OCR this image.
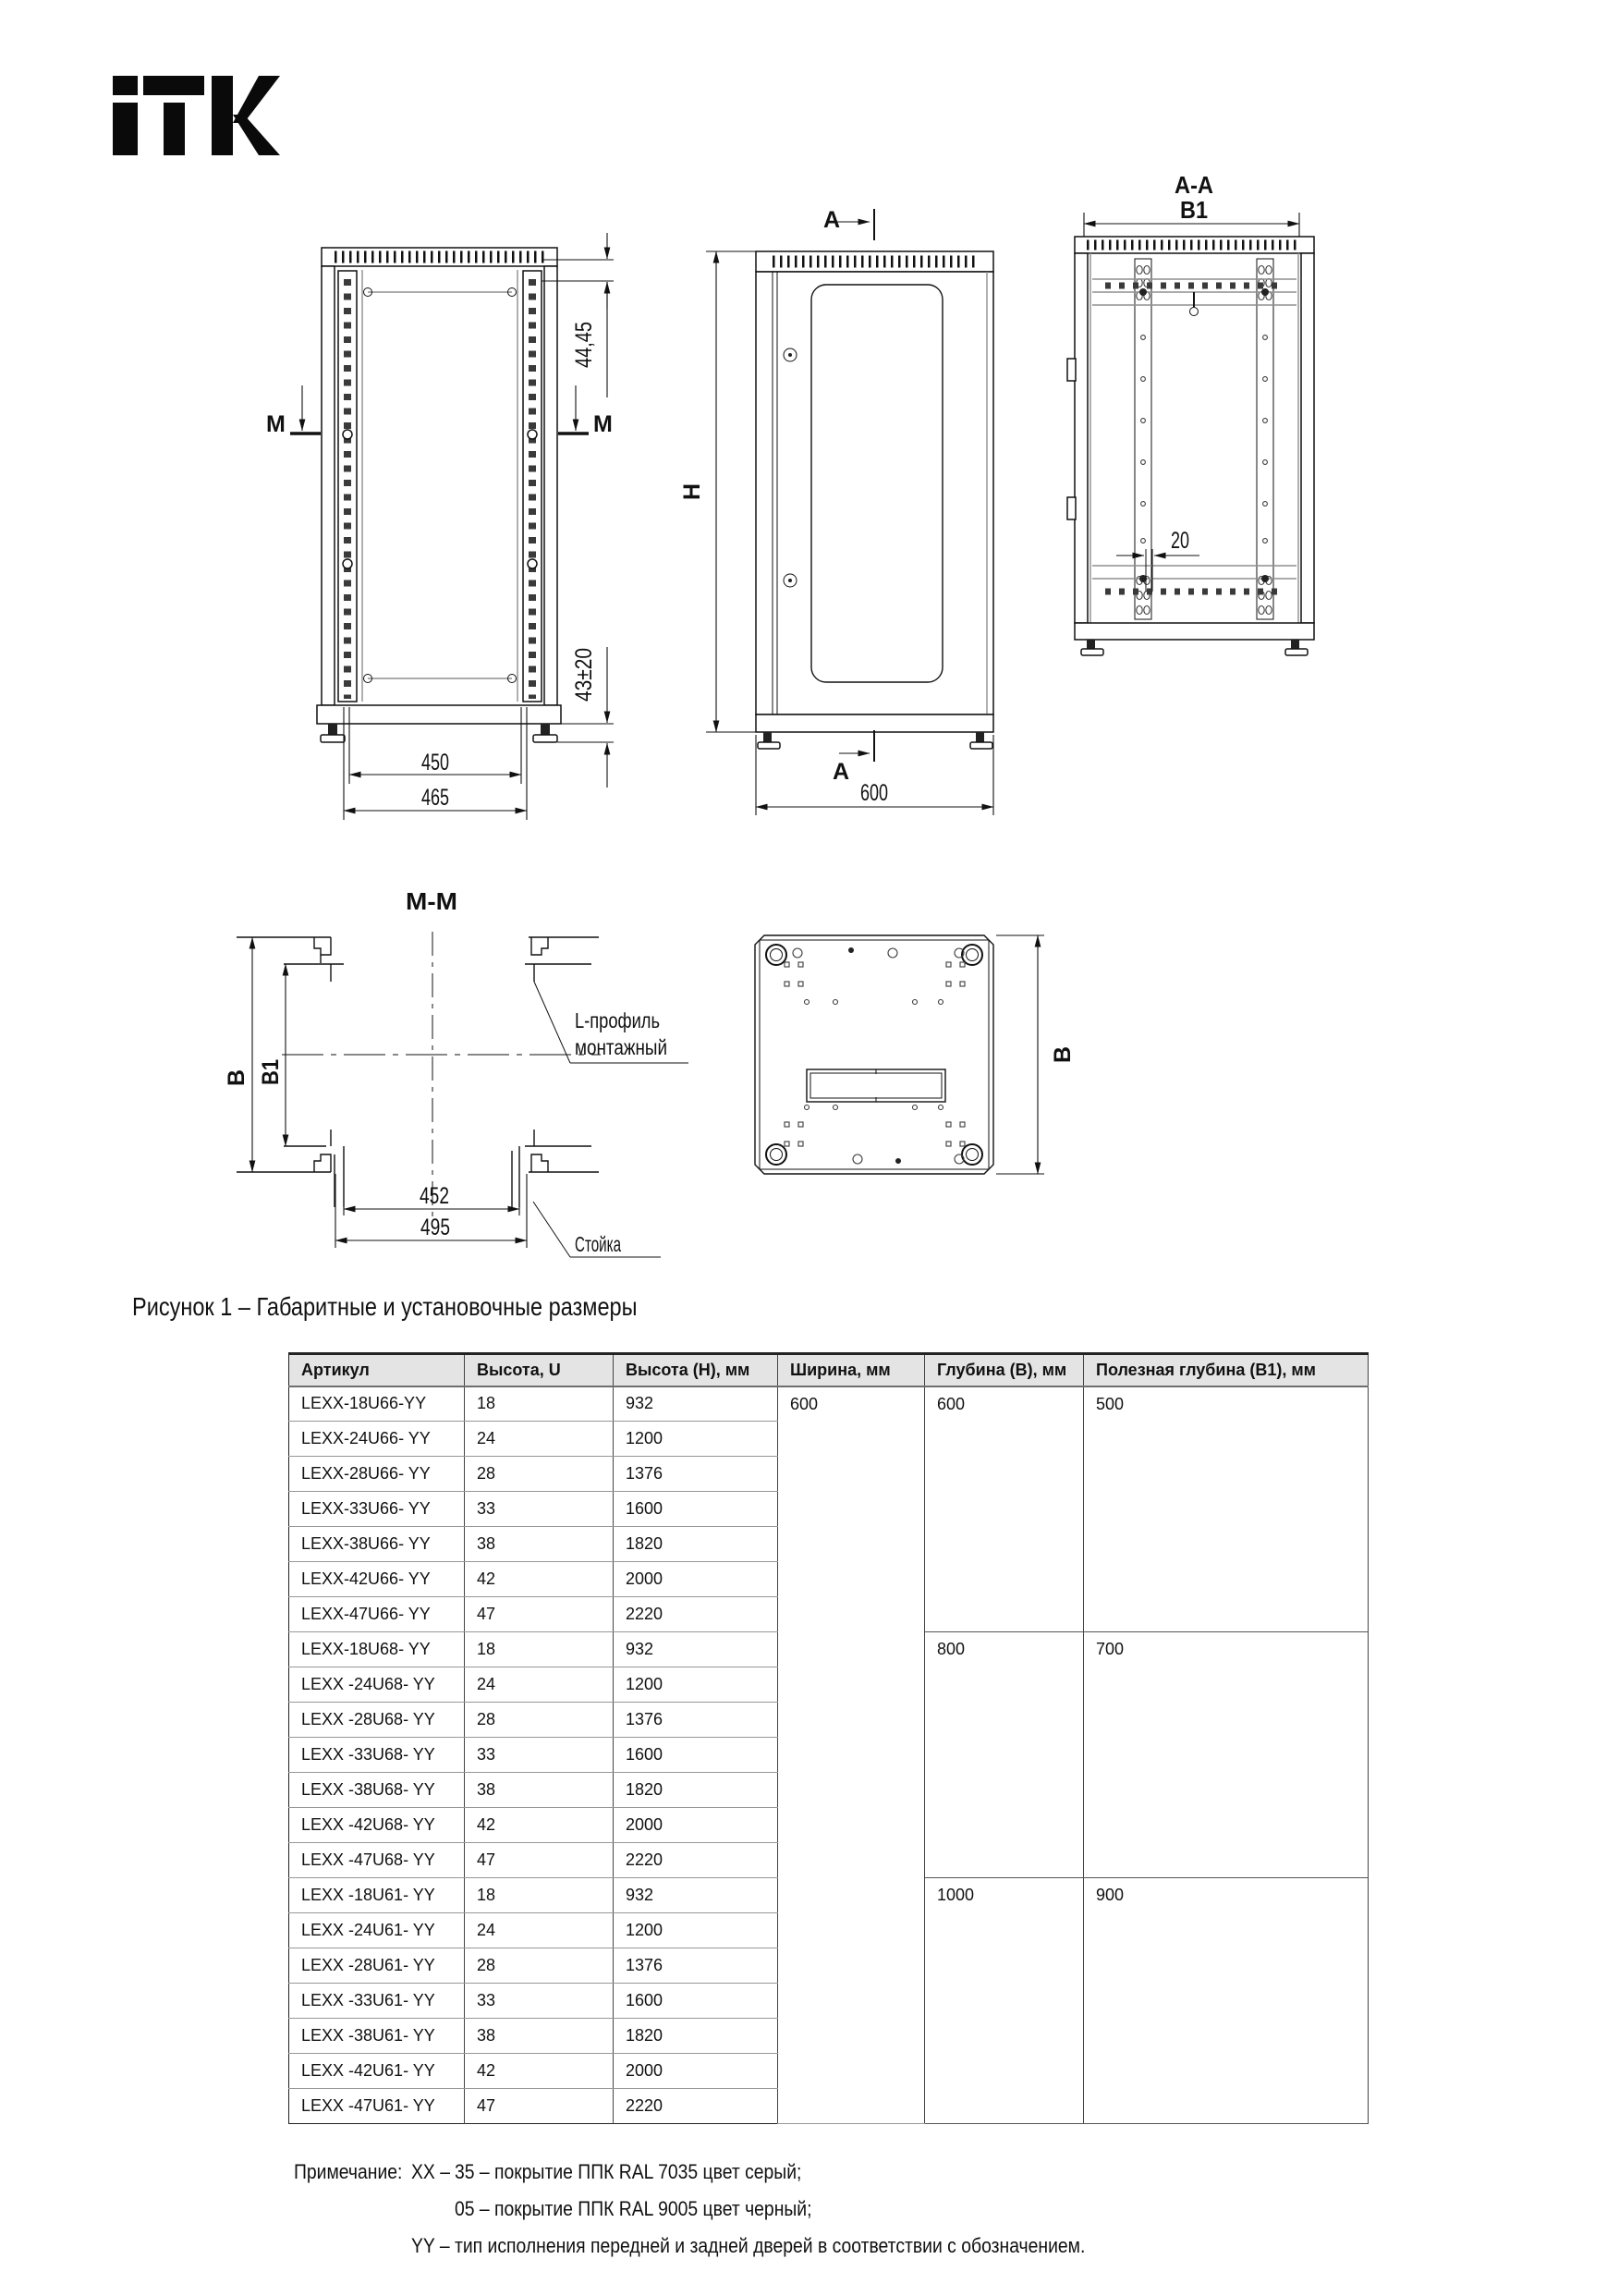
M	M
44,45
43±20
450
465
A
A
H
600
A-A
B1
20
M-M
B B1
452
495
L-профиль
монтажный
Стойка
B
Рисунок 1 – Габаритные и установочные размеры
Артикул	Высота, U	Высота (H), мм	Ширина, мм	Глубина (B), мм	Полезная глубина (B1), мм
LEXX-18U66-YY	18	932	600	600	500
LEXX-24U66- YY	24	1200			
LEXX-28U66- YY	28	1376			
LEXX-33U66- YY	33	1600			
LEXX-38U66- YY	38	1820			
LEXX-42U66- YY	42	2000			
LEXX-47U66- YY	47	2220			
LEXX-18U68- YY	18	932		800	700
LEXX -24U68- YY	24	1200			
LEXX -28U68- YY	28	1376			
LEXX -33U68- YY	33	1600			
LEXX -38U68- YY	38	1820			
LEXX -42U68- YY	42	2000			
LEXX -47U68- YY	47	2220			
LEXX -18U61- YY	18	932		1000	900
LEXX -24U61- YY	24	1200			
LEXX -28U61- YY	28	1376			
LEXX -33U61- YY	33	1600			
LEXX -38U61- YY	38	1820			
LEXX -42U61- YY	42	2000			
LEXX -47U61- YY	47	2220			
Примечание: XX – 35 – покрытие ППК RAL 7035 цвет серый;
05 – покрытие ППК RAL 9005 цвет черный;
YY – тип исполнения передней и задней дверей в соответствии с обозначением.
